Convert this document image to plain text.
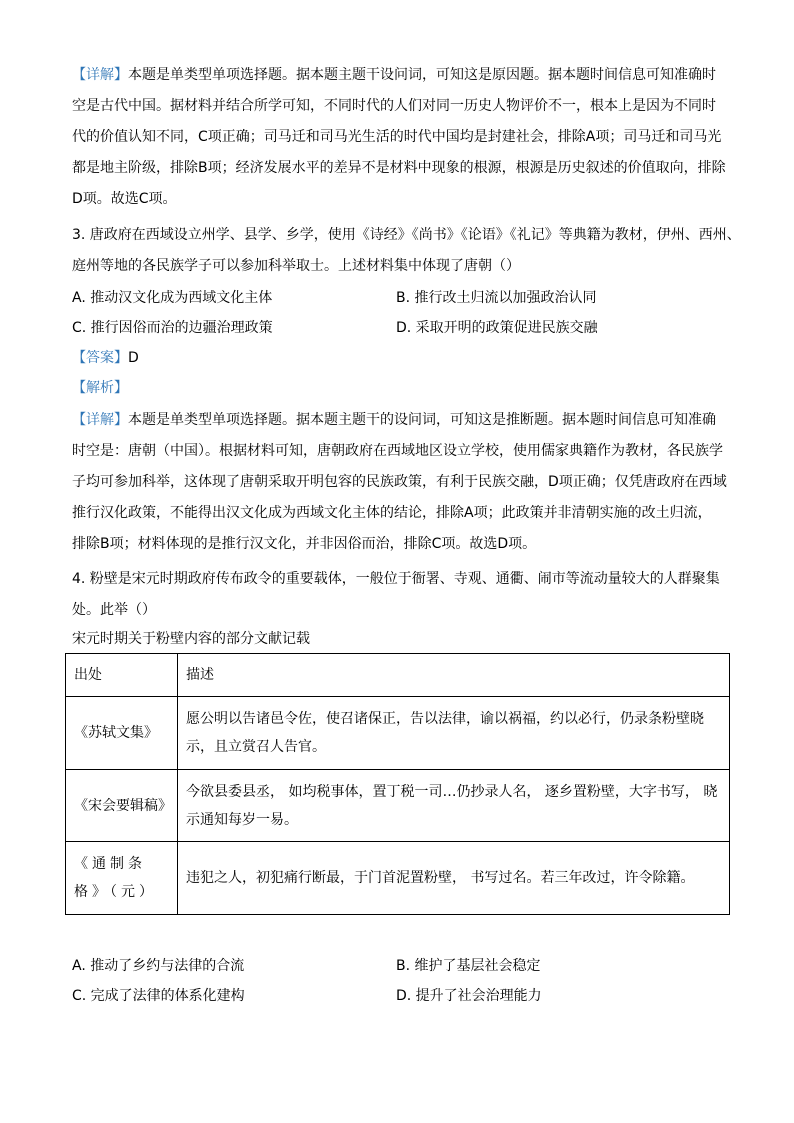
【详解】本题是单类型单项选择题。据本题主题干设问词，可知这是原因题。据本题时间信息可知准确时
空是古代中国。据材料并结合所学可知，不同时代的人们对同一历史人物评价不一，根本上是因为不同时
代的价值认知不同，C项正确；司马迁和司马光生活的时代中国均是封建社会，排除A项；司马迁和司马光
都是地主阶级，排除B项；经济发展水平的差异不是材料中现象的根源，根源是历史叙述的价值取向，排除
D项。故选C项。
3. 唐政府在西域设立州学、县学、乡学，使用《诗经》《尚书》《论语》《礼记》等典籍为教材，伊州、西州、
庭州等地的各民族学子可以参加科举取士。上述材料集中体现了唐朝（）
A. 推动汉文化成为西域文化主体	B. 推行改土归流以加强政治认同
C. 推行因俗而治的边疆治理政策	D. 采取开明的政策促进民族交融
【答案】D
【解析】
【详解】本题是单类型单项选择题。据本题主题干的设问词，可知这是推断题。据本题时间信息可知准确
时空是：唐朝（中国）。根据材料可知，唐朝政府在西域地区设立学校，使用儒家典籍作为教材，各民族学
子均可参加科举，这体现了唐朝采取开明包容的民族政策，有利于民族交融，D项正确；仅凭唐政府在西域
推行汉化政策，不能得出汉文化成为西域文化主体的结论，排除A项；此政策并非清朝实施的改土归流，
排除B项；材料体现的是推行汉文化，并非因俗而治，排除C项。故选D项。
4. 粉壁是宋元时期政府传布政令的重要载体，一般位于衙署、寺观、通衢、闹市等流动量较大的人群聚集
处。此举（）
宋元时期关于粉壁内容的部分文献记载
出处	描述
《苏轼文集》	愿公明以告诸邑令佐，使召诸保正，告以法律，谕以祸福，约以必行，仍录条粉壁晓示，且立赏召人告官。
《宋会要辑稿》	今欲县委县丞， 如均税事体，置丁税一司…仍抄录人名， 逐乡置粉壁，大字书写， 晓示通知每岁一易。
《通制条格》（元）	违犯之人，初犯痛行断最，于门首泥置粉壁， 书写过名。若三年改过，许令除籍。
A. 推动了乡约与法律的合流	B. 维护了基层社会稳定
C. 完成了法律的体系化建构	D. 提升了社会治理能力
